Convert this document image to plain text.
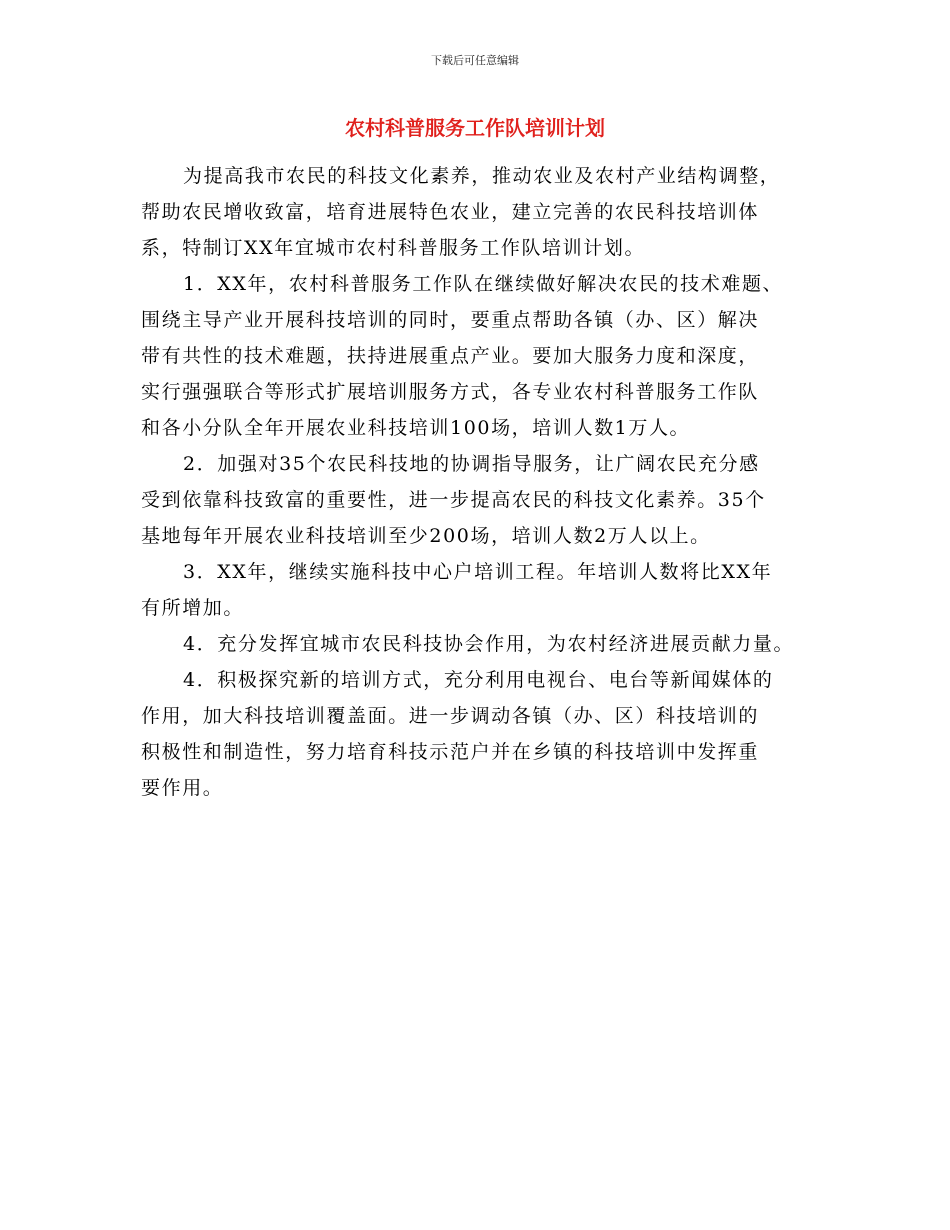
下载后可任意编辑
农村科普服务工作队培训计划
为提高我市农民的科技文化素养，推动农业及农村产业结构调整，
帮助农民增收致富，培育进展特色农业，建立完善的农民科技培训体
系，特制订XX年宜城市农村科普服务工作队培训计划。
1．XX年，农村科普服务工作队在继续做好解决农民的技术难题、
围绕主导产业开展科技培训的同时，要重点帮助各镇（办、区）解决
带有共性的技术难题，扶持进展重点产业。要加大服务力度和深度，
实行强强联合等形式扩展培训服务方式，各专业农村科普服务工作队
和各小分队全年开展农业科技培训100场，培训人数1万人。
2．加强对35个农民科技地的协调指导服务，让广阔农民充分感
受到依靠科技致富的重要性，进一步提高农民的科技文化素养。35个
基地每年开展农业科技培训至少200场，培训人数2万人以上。
3．XX年，继续实施科技中心户培训工程。年培训人数将比XX年
有所增加。
4．充分发挥宜城市农民科技协会作用，为农村经济进展贡献力量。
4．积极探究新的培训方式，充分利用电视台、电台等新闻媒体的
作用，加大科技培训覆盖面。进一步调动各镇（办、区）科技培训的
积极性和制造性，努力培育科技示范户并在乡镇的科技培训中发挥重
要作用。
